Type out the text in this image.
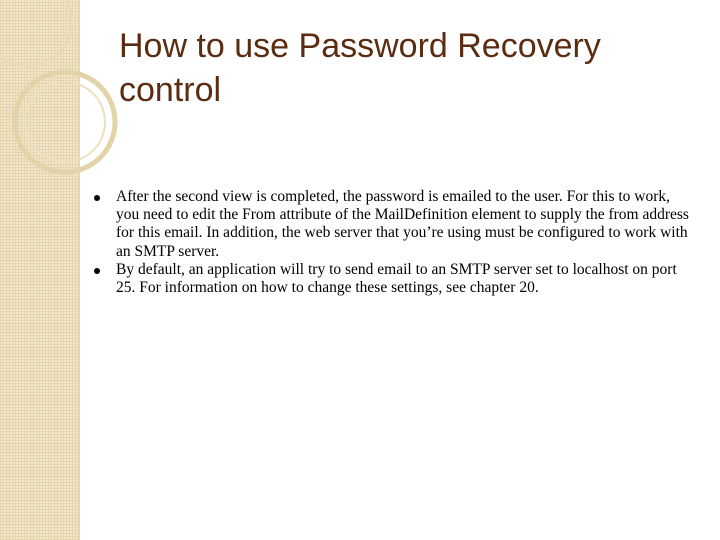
How to use Password Recovery control
After the second view is completed, the password is emailed to the user. For this to work, you need to edit the From attribute of the MailDefinition element to supply the from address for this email. In addition, the web server that you’re using must be configured to work with an SMTP server.
By default, an application will try to send email to an SMTP server set to localhost on port 25. For information on how to change these settings, see chapter 20.
